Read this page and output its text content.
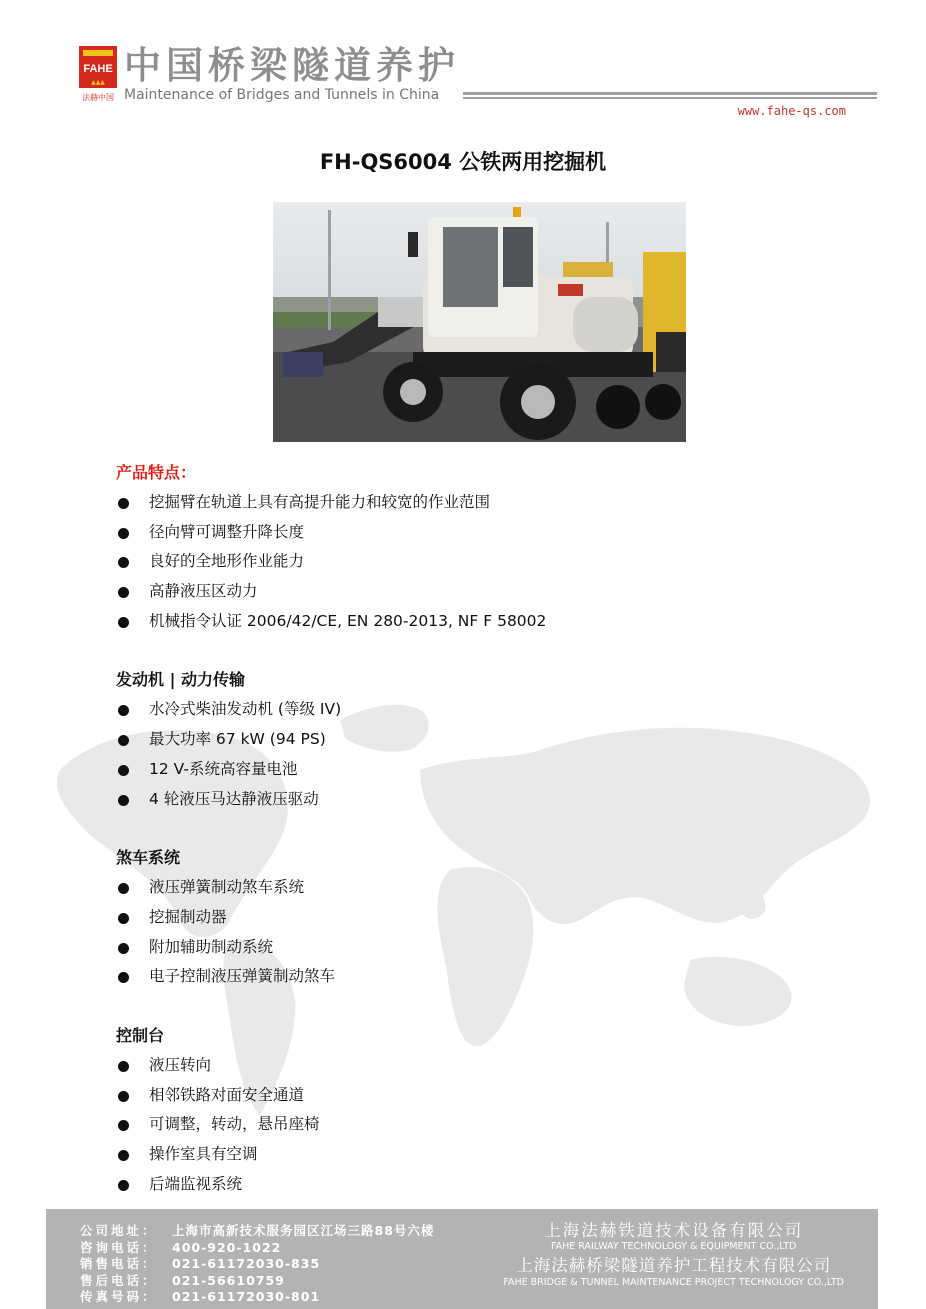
FAHE
▲▲▲
法赫中国
中国桥梁隧道养护
Maintenance of Bridges and Tunnels in China
www.fahe-qs.com
FH-QS6004 公铁两用挖掘机
产品特点：
挖掘臂在轨道上具有高提升能力和较宽的作业范围
径向臂可调整升降长度
良好的全地形作业能力
高静液压区动力
机械指令认证 2006/42/CE, EN 280-2013, NF F 58002
发动机 | 动力传输
水冷式柴油发动机 (等级 IV)
最大功率 67 kW (94 PS)
12 V-系统高容量电池
4 轮液压马达静液压驱动
煞车系统
液压弹簧制动煞车系统
挖掘制动器
附加辅助制动系统
电子控制液压弹簧制动煞车
控制台
液压转向
相邻铁路对面安全通道
可调整，转动，悬吊座椅
操作室具有空调
后端监视系统
公司地址： 上海市高新技术服务园区江场三路88号六楼
咨询电话： 400-920-1022
销售电话： 021-61172030-835
售后电话： 021-56610759
传真号码： 021-61172030-801
上海法赫铁道技术设备有限公司
FAHE RAILWAY TECHNOLOGY & EQUIPMENT CO.,LTD
上海法赫桥梁隧道养护工程技术有限公司
FAHE BRIDGE & TUNNEL MAINTENANCE PROJECT TECHNOLOGY CO.,LTD
